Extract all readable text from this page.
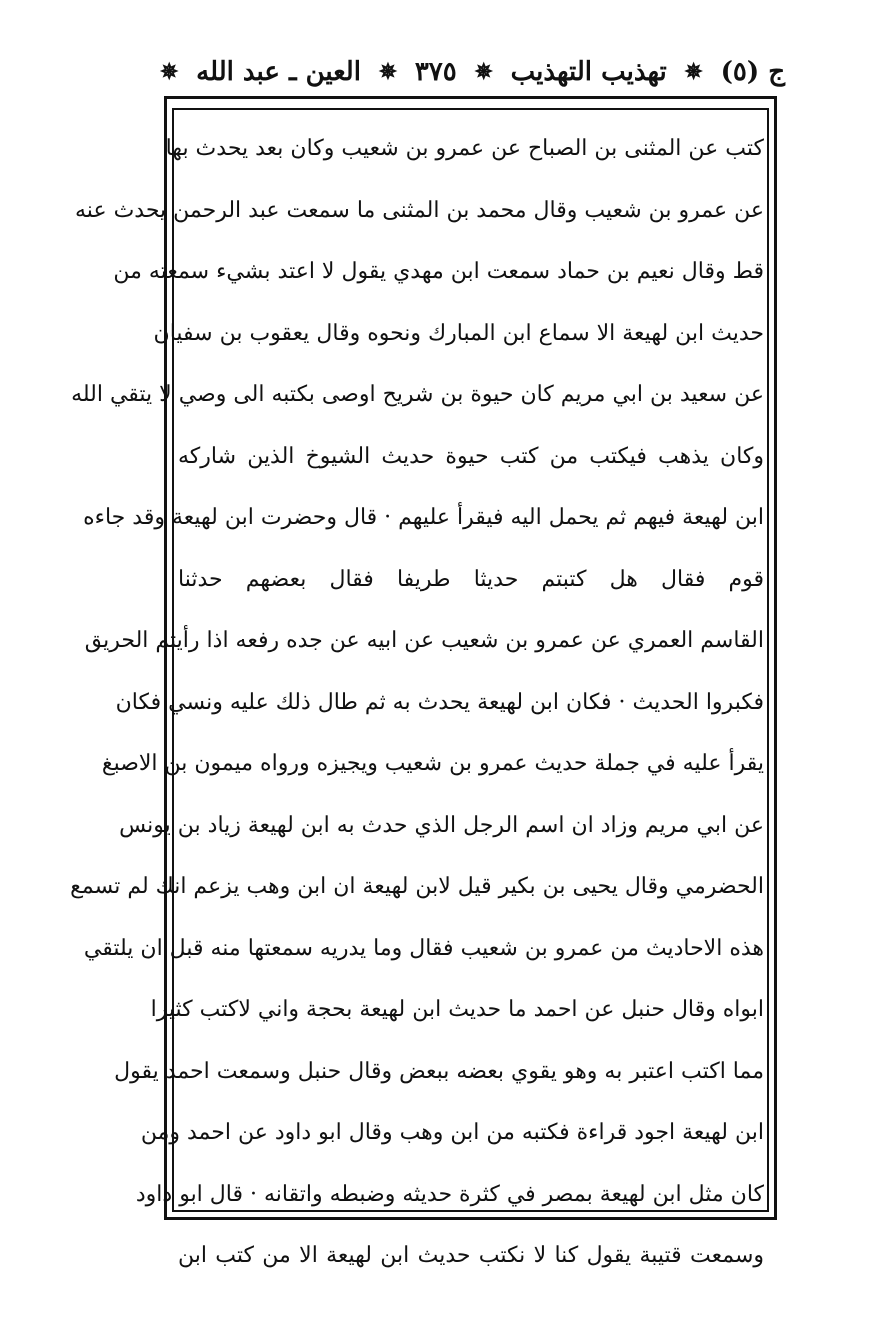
ج (٥)
✵
تهذيب التهذيب
✵
٣٧٥
✵
العين ـ عبد الله
✵
كتب عن المثنى بن الصباح عن عمرو بن شعيب وكان بعد يحدث بها
عن عمرو بن شعيب وقال محمد بن المثنى ما سمعت عبد الرحمن يحدث عنه
قط وقال نعيم بن حماد سمعت ابن مهدي يقول لا اعتد بشيء سمعته من
حديث ابن لهيعة الا سماع ابن المبارك ونحوه وقال يعقوب بن سفيان
عن سعيد بن ابي مريم كان حيوة بن شريح اوصى بكتبه الى وصي لا يتقي الله
وكان يذهب فيكتب من كتب حيوة حديث الشيوخ الذين شاركه
ابن لهيعة فيهم ثم يحمل اليه فيقرأ عليهم · قال وحضرت ابن لهيعة وقد جاءه
قوم فقال هل كتبتم حديثا طريفا فقال بعضهم حدثنا
القاسم العمري عن عمرو بن شعيب عن ابيه عن جده رفعه اذا رأيتم الحريق
فكبروا الحديث · فكان ابن لهيعة يحدث به ثم طال ذلك عليه ونسي فكان
يقرأ عليه في جملة حديث عمرو بن شعيب ويجيزه ورواه ميمون بن الاصبغ
عن ابي مريم وزاد ان اسم الرجل الذي حدث به ابن لهيعة زياد بن يونس
الحضرمي وقال يحيى بن بكير قيل لابن لهيعة ان ابن وهب يزعم انك لم تسمع
هذه الاحاديث من عمرو بن شعيب فقال وما يدريه سمعتها منه قبل ان يلتقي
ابواه وقال حنبل عن احمد ما حديث ابن لهيعة بحجة واني لاكتب كثيرا
مما اكتب اعتبر به وهو يقوي بعضه ببعض وقال حنبل وسمعت احمد يقول
ابن لهيعة اجود قراءة فكتبه من ابن وهب وقال ابو داود عن احمد ومن
كان مثل ابن لهيعة بمصر في كثرة حديثه وضبطه واتقانه · قال ابو داود
وسمعت قتيبة يقول كنا لا نكتب حديث ابن لهيعة الا من كتب ابن
